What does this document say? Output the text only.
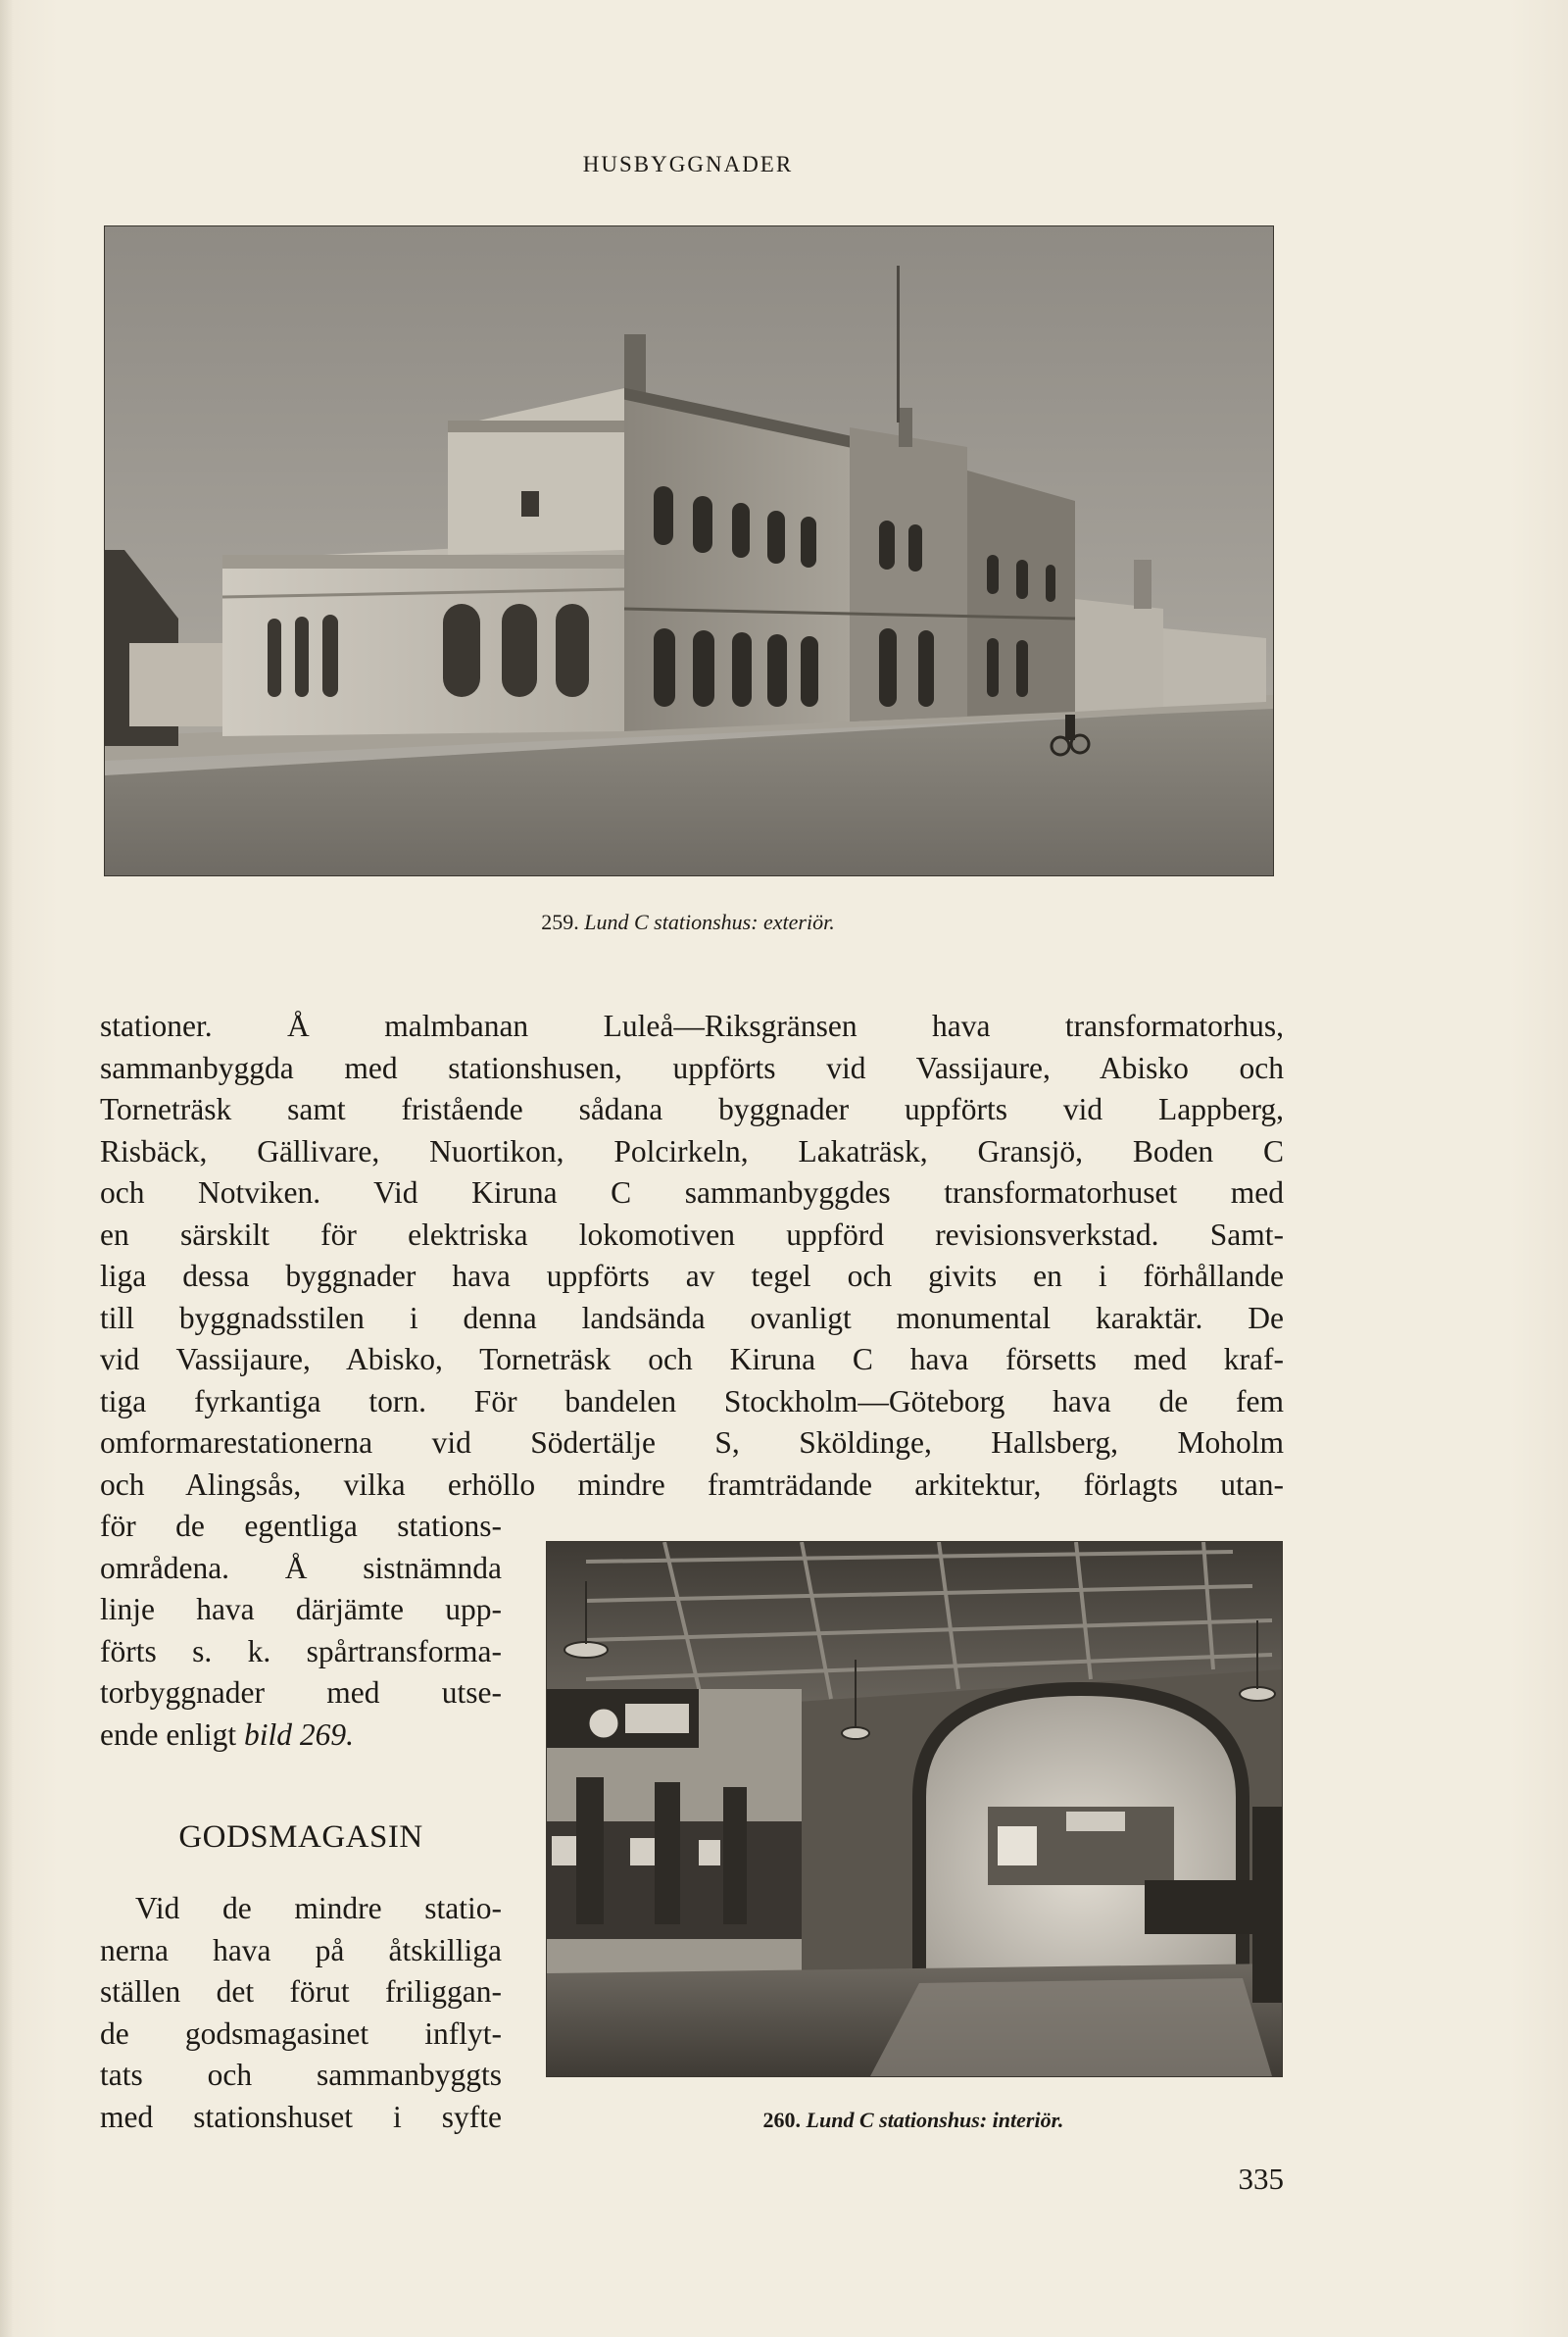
HUSBYGGNADER
259. Lund C stationshus: exteriör.
stationer. Å malmbanan Luleå—Riksgränsen hava transformatorhus,
sammanbyggda med stationshusen, uppförts vid Vassijaure, Abisko och
Torneträsk samt fristående sådana byggnader uppförts vid Lappberg,
Risbäck, Gällivare, Nuortikon, Polcirkeln, Lakaträsk, Gransjö, Boden C
och Notviken. Vid Kiruna C sammanbyggdes transformatorhuset med
en särskilt för elektriska lokomotiven uppförd revisionsverkstad. Samt-
liga dessa byggnader hava uppförts av tegel och givits en i förhållande
till byggnadsstilen i denna landsända ovanligt monumental karaktär. De
vid Vassijaure, Abisko, Torneträsk och Kiruna C hava försetts med kraf-
tiga fyrkantiga torn. För bandelen Stockholm—Göteborg hava de fem
omformarestationerna vid Södertälje S, Sköldinge, Hallsberg, Moholm
och Alingsås, vilka erhöllo mindre framträdande arkitektur, förlagts utan-
för de egentliga stations-
områdena. Å sistnämnda
linje hava därjämte upp-
förts s. k. spårtransforma-
torbyggnader med utse-
ende enligt bild 269.
GODSMAGASIN
Vid de mindre statio-
nerna hava på åtskilliga
ställen det förut friliggan-
de godsmagasinet inflyt-
tats och sammanbyggts
med stationshuset i syfte	260. Lund C stationshus: interiör.
335
